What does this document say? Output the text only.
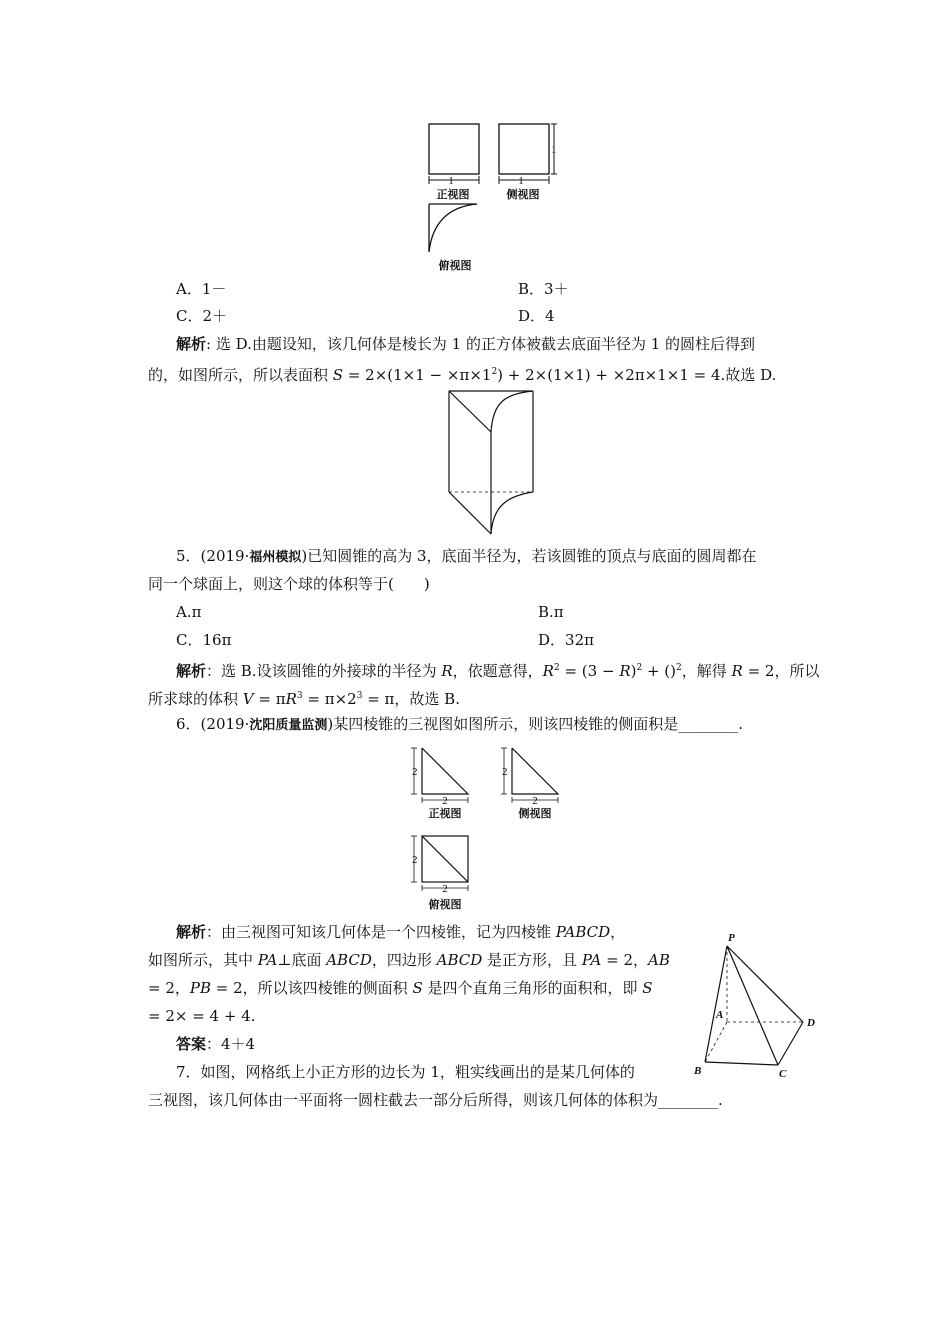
1	1
1
正视图	侧视图
俯视图
A．1－	B．3＋
C．2＋	D．4
解析: 选 D.由题设知，该几何体是棱长为 1 的正方体被截去底面半径为 1 的圆柱后得到
的，如图所示，所以表面积 $S = 2\times(1\times 1 - \times\pi\times 1^2) + 2\times(1\times 1) + \times 2\pi\times 1\times 1 = 4$.故选 D.
5．(2019·福州模拟)已知圆锥的高为 3，底面半径为，若该圆锥的顶点与底面的圆周都在
同一个球面上，则这个球的体积等于(　　)
A.π	B.π
C．16π	D．32π
解析：选 B.设该圆锥的外接球的半径为 R，依题意得，$R^2 = (3 - R)^2 + ()^2$，解得 R = 2，所以
所求球的体积 $V = \pi R^3 = \pi\times 2^3 = \pi$，故选 B.
6．(2019·沈阳质量监测)某四棱锥的三视图如图所示，则该四棱锥的侧面积是________.
2
2
2
2
2
2
正视图	侧视图
俯视图
解析：由三视图可知该几何体是一个四棱锥，记为四棱锥 PABCD，
如图所示，其中 PA⊥底面 ABCD，四边形 ABCD 是正方形，且 PA = 2，AB
= 2，PB = 2，所以该四棱锥的侧面积 S 是四个直角三角形的面积和，即 S
= 2× = 4 + 4.
答案：4＋4
P
A
B	C
D
7．如图，网格纸上小正方形的边长为 1，粗实线画出的是某几何体的
三视图，该几何体由一平面将一圆柱截去一部分后所得，则该几何体的体积为________.
